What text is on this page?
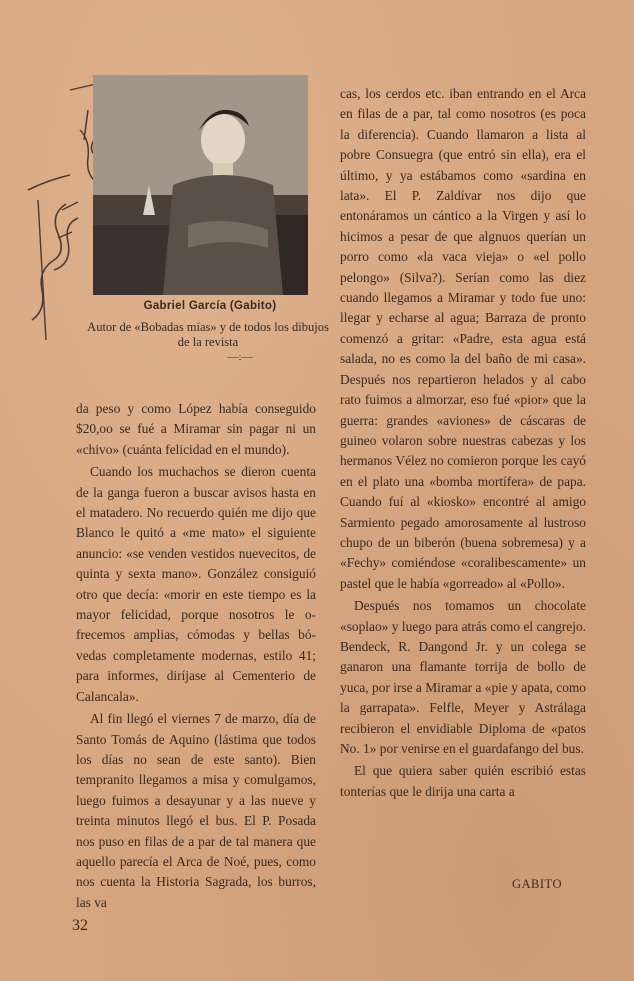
Gabriel García (Gabito)
Autor de «Bobadas mías» y de todos los dibujos de la revista
—:—

da peso y como López había conseguido $20,oo se fué a Miramar sin pagar ni un «chivo» (cuánta felicidad en el mundo).

Cuando los muchachos se dieron cuenta de la ganga fueron a buscar avisos hasta en el matadero. No recuerdo quién me dijo que Blanco le quitó a «me mato» el siguiente anuncio: «se venden vestidos nuevecitos, de quinta y sexta mano». González consiguió otro que decía: «morir en este tiempo es la mayor felicidad, porque nosotros le ofrecemos amplias, cómodas y bellas bóvedas completamente modernas, estilo 41; para informes, diríjase al Cementerio de Calancala».

Al fin llegó el viernes 7 de marzo, día de Santo Tomás de Aquino (lástima que todos los días no sean de este santo). Bien tempranito llegamos a misa y comulgamos, luego fuimos a desayunar y a las nueve y treinta minutos llegó el bus. El P. Posada nos puso en filas de a par de tal manera que aquello parecía el Arca de Noé, pues, como nos cuenta la Historia Sagrada, los burros, las va

cas, los cerdos etc. iban entrando en el Arca en filas de a par, tal como nosotros (es poca la diferencia). Cuando llamaron a lista al pobre Consuegra (que entró sin ella), era el último, y ya estábamos como «sardina en lata». El P. Zaldívar nos dijo que entonáramos un cántico a la Virgen y así lo hicimos a pesar de que algnuos querían un porro como «la vaca vieja» o «el pollo pelongo» (Silva?). Serían como las diez cuando llegamos a Miramar y todo fue uno: llegar y echarse al agua; Barraza de pronto comenzó a gritar: «Padre, esta agua está salada, no es como la del baño de mi casa». Después nos repartieron helados y al cabo rato fuimos a almorzar, eso fué «pior» que la guerra: grandes «aviones» de cáscaras de guineo volaron sobre nuestras cabezas y los hermanos Vélez no comieron porque les cayó en el plato una «bomba mortífera» de papa. Cuando fuí al «kiosko» encontré al amigo Sarmiento pegado amorosamente al lustroso chupo de un biberón (buena sobremesa) y a «Fechy» comiéndose «coralibescamente» un pastel que le había «gorreado» al «Pollo».

Después nos tomamos un chocolate «soplao» y luego para atrás como el cangrejo. Bendeck, R. Dangond Jr. y un colega se ganaron una flamante torrija de bollo de yuca, por irse a Miramar a «pie y apata, como la garrapata». Felfle, Meyer y Astrálaga recibieron el envidiable Diploma de «patos No. 1» por venirse en el guardafango del bus.

El que quiera saber quién escribió estas tonterías que le dirija una carta a

GABITO
32
